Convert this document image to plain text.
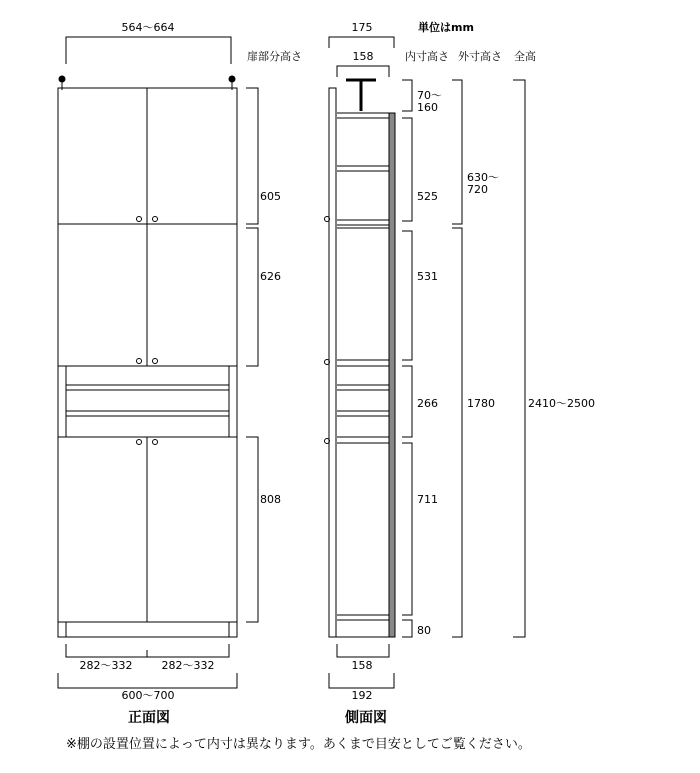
単位はmm
564〜664
扉部分高さ
605
626
808
282〜332	282〜332
600〜700
正面図
175
158	内寸高さ 外寸高さ 全高
70〜 160
525
531
266
711
80
630〜 720
1780	2410〜2500
158
192
側面図
※棚の設置位置によって内寸は異なります。あくまで目安としてご覧ください。
